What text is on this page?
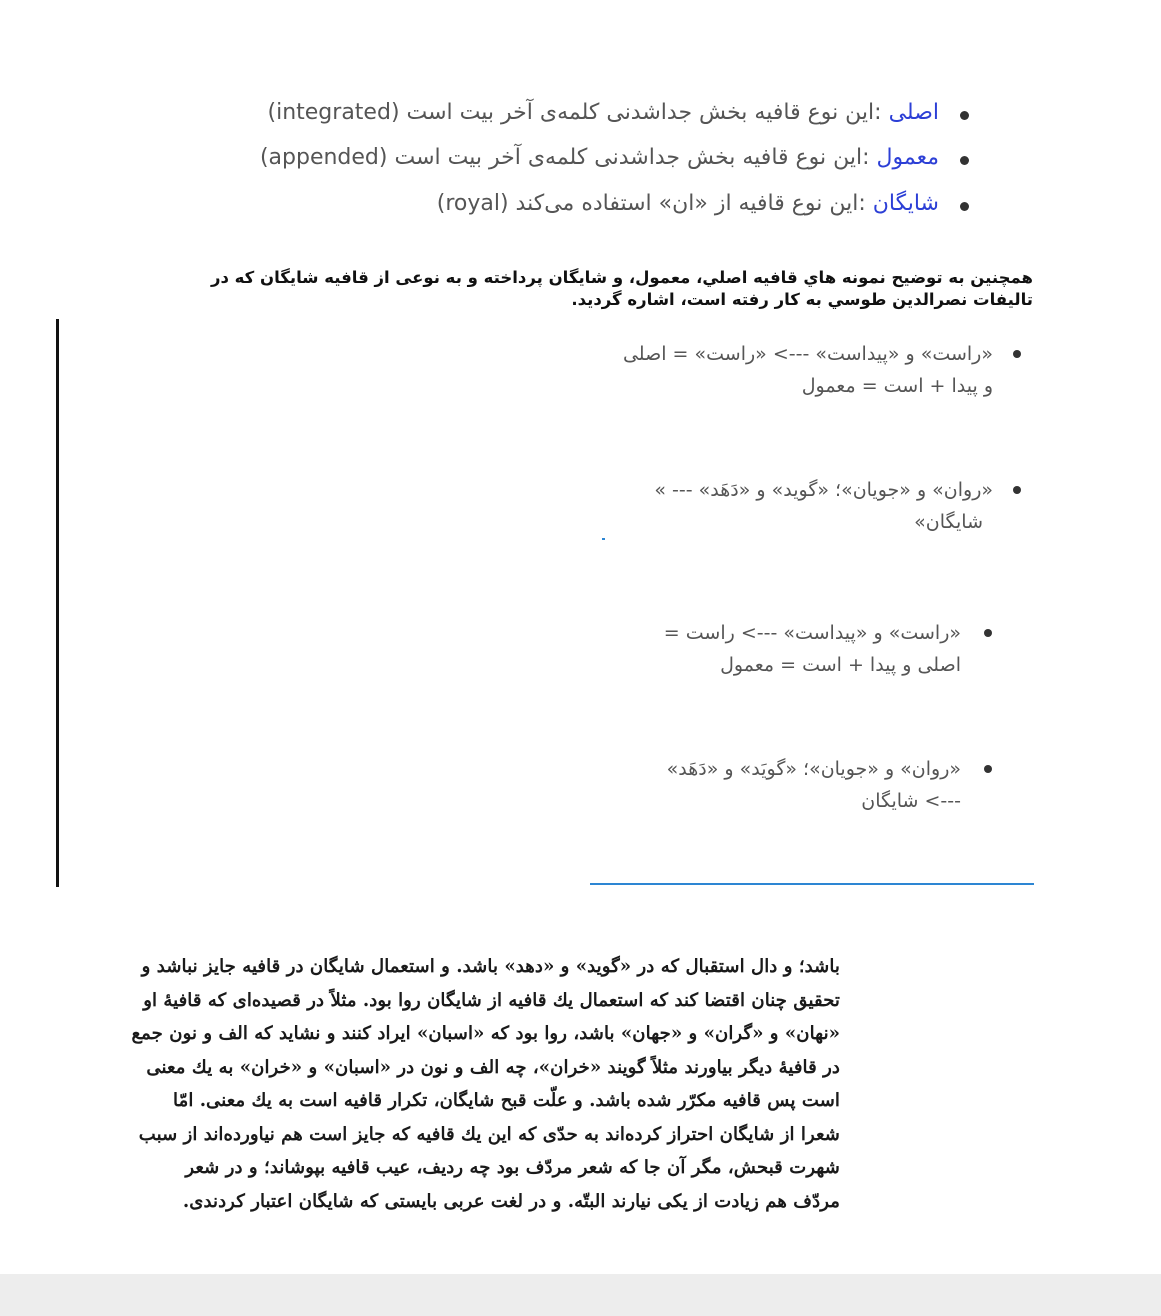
اصلی :این نوع قافیه بخش جداشدنی کلمه‌ی آخر بیت است (integrated)
معمول :این نوع قافیه بخش جداشدنی کلمه‌ی آخر بیت است (appended)
شایگان :این نوع قافیه از «ان» استفاده می‌کند (royal)
همچنین به توضیح نمونه هاي قافیه اصلي، معمول، و شایگان پرداخته و به نوعی از قافیه شایگان که در
تالیفات نصرالدین طوسي به کار رفته است، اشاره گردید.
«راست» و «پیداست» ---> «راست» = اصلی
و پیدا + است = معمول
«روان» و «جویان»؛ «گوید» و «دَهَد» --- »
شایگان»
«راست» و «پیداست» ---> راست =
اصلی و پیدا + است = معمول
«روان» و «جویان»؛ «گویَد» و «دَهَد»
---> شایگان
باشد؛ و دال استقبال که در «گوید» و «دهد» باشد. و استعمال شایگان در قافیه جایز نباشد و
تحقیق چنان اقتضا کند که استعمال یك قافیه از شایگان روا بود. مثلاً در قصیده‌ای که قافیهٔ او
«نهان» و «گران» و «جهان» باشد، روا بود که «اسبان» ایراد کنند و نشاید که الف و نون جمع
در قافیهٔ دیگر بیاورند مثلاً گویند «خران»، چه الف و نون در «اسبان» و «خران» به یك معنی
است پس قافیه مکرّر شده باشد. و علّت قبح شایگان، تکرار قافیه است به یك معنی. امّا
شعرا از شایگان احتراز کرده‌اند به حدّی که این یك قافیه که جایز است هم نیاورده‌اند از سبب
شهرت قبحش، مگر آن جا که شعر مردّف بود چه ردیف، عیب قافیه بپوشاند؛ و در شعر
مردّف هم زیادت از یکی نیارند البتّه. و در لغت عربی بایستی که شایگان اعتبار کردندی.
